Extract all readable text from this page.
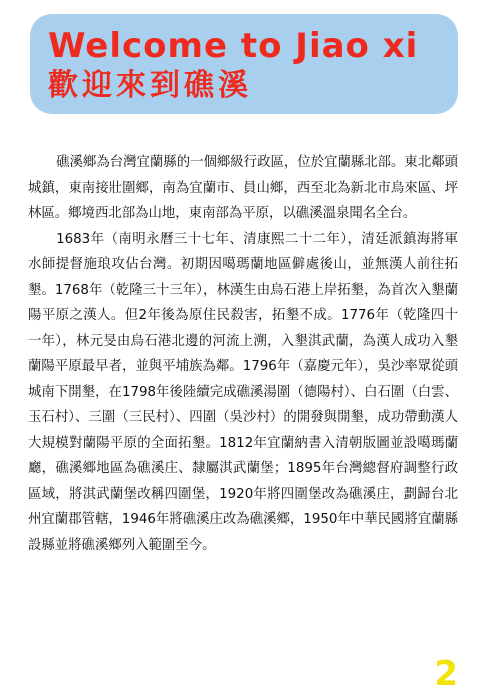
Welcome to Jiao xi
歡迎來到礁溪

礁溪鄉為台灣宜蘭縣的一個鄉級行政區，位於宜蘭縣北部。東北鄰頭城鎮，東南接壯圍鄉，南為宜蘭市、員山鄉，西至北為新北市烏來區、坪林區。鄉境西北部為山地，東南部為平原，以礁溪溫泉聞名全台。

1683年（南明永曆三十七年、清康熙二十二年），清廷派鎮海將軍水師提督施琅攻佔台灣。初期因噶瑪蘭地區僻處後山，並無漢人前往拓墾。1768年（乾隆三十三年），林漢生由烏石港上岸拓墾，為首次入墾蘭陽平原之漢人。但2年後為原住民殺害，拓墾不成。1776年（乾隆四十一年），林元旻由烏石港北邊的河流上溯，入墾淇武蘭，為漢人成功入墾蘭陽平原最早者，並與平埔族為鄰。1796年（嘉慶元年），吳沙率眾從頭城南下開墾，在1798年後陸續完成礁溪湯圍（德陽村）、白石圍（白雲、玉石村）、三圍（三民村）、四圍（吳沙村）的開發與開墾，成功帶動漢人大規模對蘭陽平原的全面拓墾。1812年宜蘭納書入清朝版圖並設噶瑪蘭廳，礁溪鄉地區為礁溪庄、隸屬淇武蘭堡；1895年台灣總督府調整行政區域，將淇武蘭堡改稱四圍堡，1920年將四圍堡改為礁溪庄，劃歸台北州宜蘭郡管轄，1946年將礁溪庄改為礁溪鄉，1950年中華民國將宜蘭縣設縣並將礁溪鄉列入範圍至今。

2
